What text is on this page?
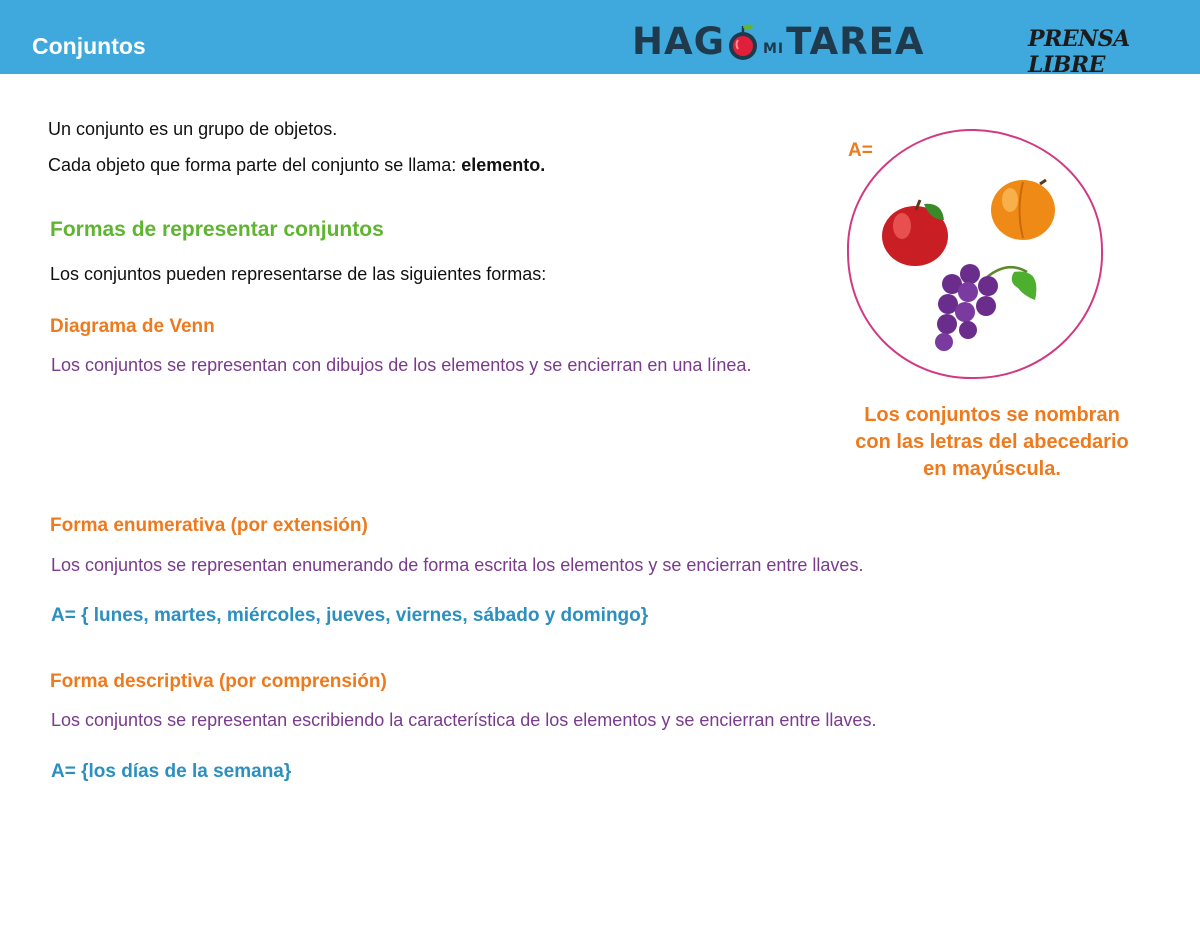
Conjuntos	HAG	MI TAREA	PRENSA LIBRE
Un conjunto es un grupo de objetos.
Cada objeto que forma parte del conjunto se llama: elemento.
Formas de representar conjuntos
Los conjuntos pueden representarse de las siguientes formas:
Diagrama de Venn
Los conjuntos se representan con dibujos de los elementos y se encierran en una línea.
A=
Los conjuntos se nombran
con las letras del abecedario
en mayúscula.
Forma enumerativa (por extensión)
Los conjuntos se representan enumerando de forma escrita los elementos y se encierran entre llaves.
A= { lunes, martes, miércoles, jueves, viernes, sábado y domingo}
Forma descriptiva (por comprensión)
Los conjuntos se representan escribiendo la característica de los elementos y se encierran entre llaves.
A= {los días de la semana}
